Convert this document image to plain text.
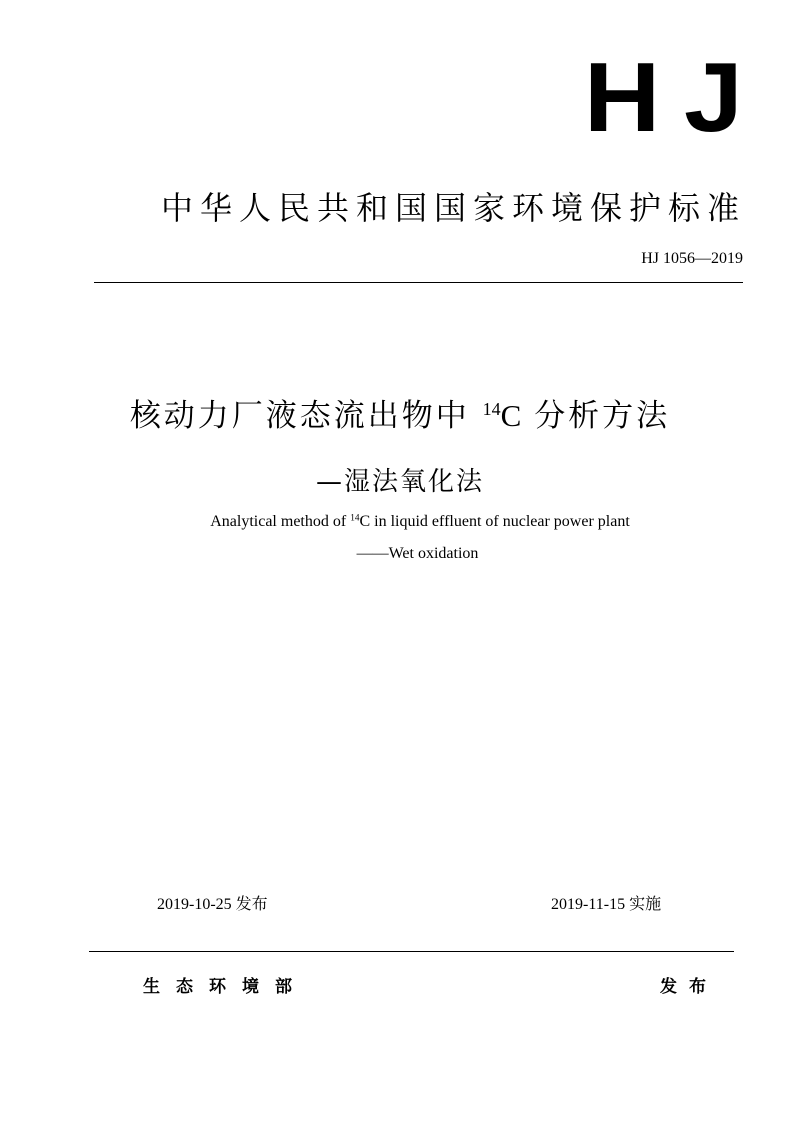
HJ
中华人民共和国国家环境保护标准
HJ 1056—2019
核动力厂液态流出物中 $^{14}$C 分析方法
—湿法氧化法
Analytical method of $^{14}$C in liquid effluent of nuclear power plant
——Wet oxidation
2019-10-25 发布	2019-11-15 实施
生态环境部	发布
